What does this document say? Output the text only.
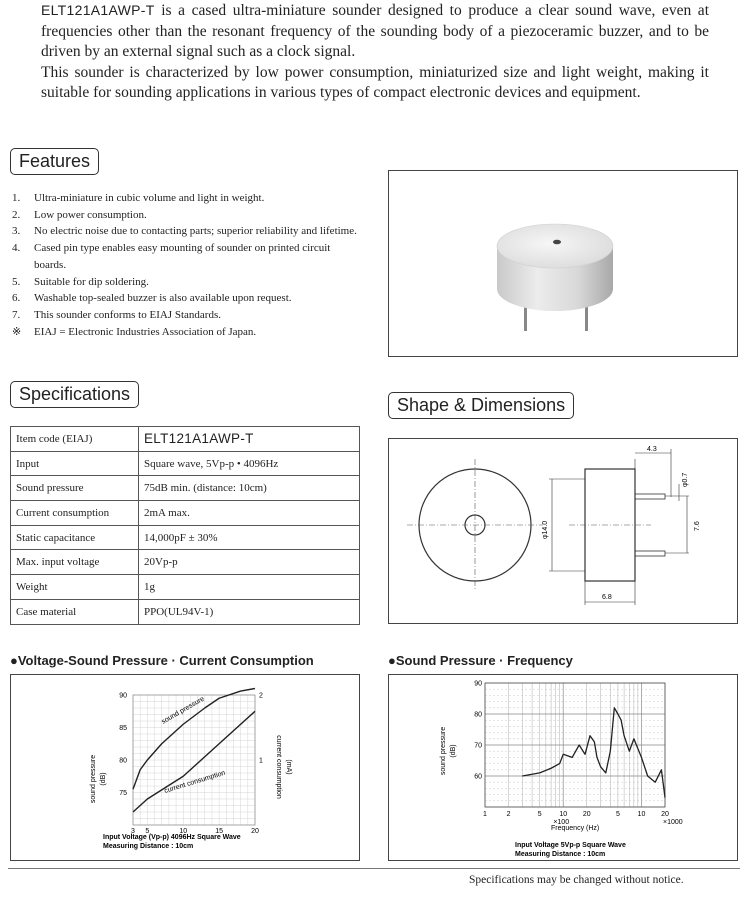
ELT121A1AWP-T is a cased ultra-miniature sounder designed to produce a clear sound wave, even at frequencies other than the resonant frequency of the sounding body of a piezoceramic buzzer, and to be driven by an external signal such as a clock signal.

This sounder is characterized by low power consumption, miniaturized size and light weight, making it suitable for sounding applications in various types of compact electronic devices and equipment.

Features
1.	Ultra-miniature in cubic volume and light in weight.
2.	Low power consumption.
3.	No electric noise due to contacting parts; superior reliability and lifetime.
4.	Cased pin type enables easy mounting of sounder on printed circuit boards.
5.	Suitable for dip soldering.
6.	Washable top-sealed buzzer is also available upon request.
7.	This sounder conforms to EIAJ Standards.
※	EIAJ = Electronic Industries Association of Japan.
Specifications
Item code (EIAJ)	ELT121A1AWP-T
Input	Square wave, 5Vp-p • 4096Hz
Sound pressure	75dB min. (distance: 10cm)
Current consumption	2mA max.
Static capacitance	14,000pF ± 30%
Max. input voltage	20Vp-p
Weight	1g
Case material	PPO(UL94V-1)
Shape & Dimensions
4.3
φ0.7
7.6
φ14.0
6.8
●Voltage-Sound Pressure · Current Consumption
3 5	10	15	20
75
80
85
90
1
2
sound pressure (dB)	current consumption (mA)
sound pressure
current consumption
Input Voltage (Vp-p) 4096Hz Square Wave
Measuring Distance : 10cm
●Sound Pressure · Frequency
1	2	5	10 20	5	10 20
×100	×1000
60
70
80
90
sound pressure (dB)
Frequency (Hz)
Input Voltage 5Vp-p Square Wave
Measuring Distance : 10cm
Specifications may be changed without notice.
